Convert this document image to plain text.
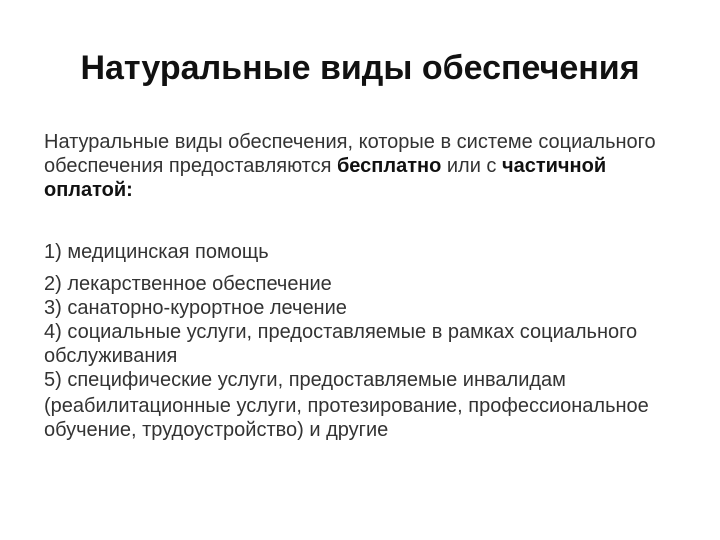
Натуральные виды обеспечения

Натуральные виды обеспечения, которые в системе социального обеспечения предоставляются бесплатно или с частичной оплатой:

1) медицинская помощь
2) лекарственное обеспечение
3) санаторно-курортное лечение
4) социальные услуги, предоставляемые в рамках социального обслуживания
5) специфические услуги, предоставляемые инвалидам

(реабилитационные услуги, протезирование, профессиональное обучение, трудоустройство) и другие
